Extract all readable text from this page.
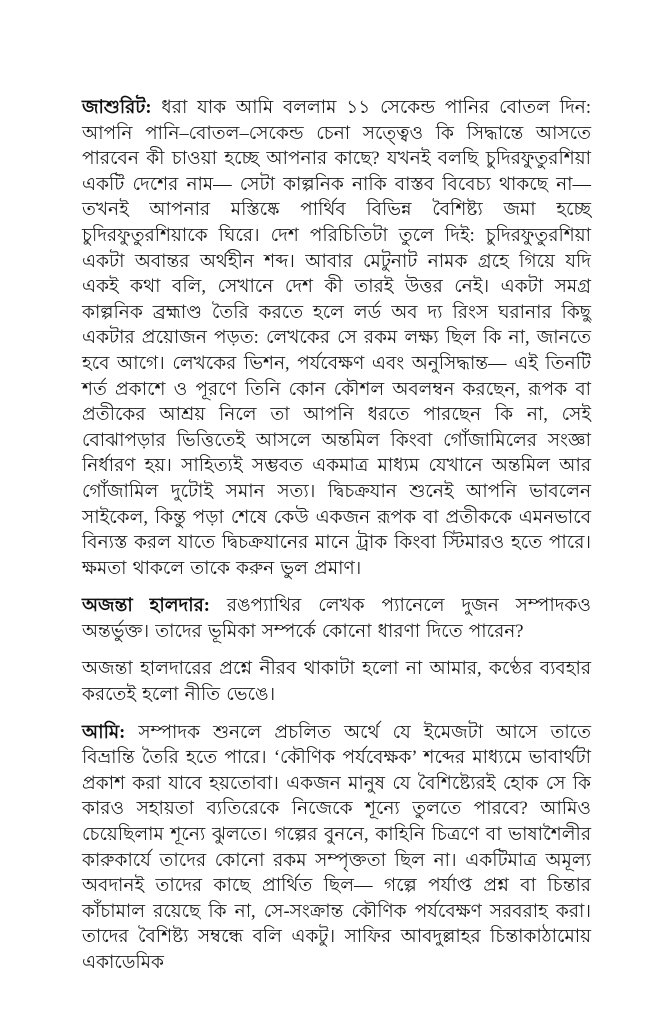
জাশুরিট: ধরা যাক আমি বললাম ১১ সেকেন্ড পানির বোতল দিন: আপনি পানি–বোতল–সেকেন্ড চেনা সত্ত্বেও কি সিদ্ধান্তে আসতে পারবেন কী চাওয়া হচ্ছে আপনার কাছে? যখনই বলছি চুদিরফুতুরশিয়া একটি দেশের নাম— সেটা কাল্পনিক নাকি বাস্তব বিবেচ্য থাকছে না— তখনই আপনার মস্তিষ্কে পার্থিব বিভিন্ন বৈশিষ্ট্য জমা হচ্ছে চুদিরফুতুরশিয়াকে ঘিরে। দেশ পরিচিতিটা তুলে দিই: চুদিরফুতুরশিয়া একটা অবান্তর অর্থহীন শব্দ। আবার মেটুনাট নামক গ্রহে গিয়ে যদি একই কথা বলি, সেখানে দেশ কী তারই উত্তর নেই। একটা সমগ্র কাল্পনিক ব্রহ্মাণ্ড তৈরি করতে হলে লর্ড অব দ্য রিংস ঘরানার কিছু একটার প্রয়োজন পড়ত: লেখকের সে রকম লক্ষ্য ছিল কি না, জানতে হবে আগে। লেখকের ভিশন, পর্যবেক্ষণ এবং অনুসিদ্ধান্ত— এই তিনটি শর্ত প্রকাশে ও পূরণে তিনি কোন কৌশল অবলম্বন করছেন, রূপক বা প্রতীকের আশ্রয় নিলে তা আপনি ধরতে পারছেন কি না, সেই বোঝাপড়ার ভিত্তিতেই আসলে অন্তমিল কিংবা গোঁজামিলের সংজ্ঞা নির্ধারণ হয়। সাহিত্যই সম্ভবত একমাত্র মাধ্যম যেখানে অন্তমিল আর গোঁজামিল দুটোই সমান সত্য। দ্বিচক্রযান শুনেই আপনি ভাবলেন সাইকেল, কিন্তু পড়া শেষে কেউ একজন রূপক বা প্রতীককে এমনভাবে বিন্যস্ত করল যাতে দ্বিচক্রযানের মানে ট্রাক কিংবা স্টিমারও হতে পারে। ক্ষমতা থাকলে তাকে করুন ভুল প্রমাণ।

অজন্তা হালদার: রঙপ্যাথির লেখক প্যানেলে দুজন সম্পাদকও অন্তর্ভুক্ত। তাদের ভূমিকা সম্পর্কে কোনো ধারণা দিতে পারেন?

অজন্তা হালদারের প্রশ্নে নীরব থাকাটা হলো না আমার, কণ্ঠের ব্যবহার করতেই হলো নীতি ভেঙে।

আমি: সম্পাদক শুনলে প্রচলিত অর্থে যে ইমেজটা আসে তাতে বিভ্রান্তি তৈরি হতে পারে। ‘কৌণিক পর্যবেক্ষক’ শব্দের মাধ্যমে ভাবার্থটা প্রকাশ করা যাবে হয়তোবা। একজন মানুষ যে বৈশিষ্ট্যেরই হোক সে কি কারও সহায়তা ব্যতিরেকে নিজেকে শূন্যে তুলতে পারবে? আমিও চেয়েছিলাম শূন্যে ঝুলতে। গল্পের বুননে, কাহিনি চিত্রণে বা ভাষাশৈলীর কারুকার্যে তাদের কোনো রকম সম্পৃক্ততা ছিল না। একটিমাত্র অমূল্য অবদানই তাদের কাছে প্রার্থিত ছিল— গল্পে পর্যাপ্ত প্রশ্ন বা চিন্তার কাঁচামাল রয়েছে কি না, সে-সংক্রান্ত কৌণিক পর্যবেক্ষণ সরবরাহ করা। তাদের বৈশিষ্ট্য সম্বন্ধে বলি একটু। সাফির আবদুল্লাহর চিন্তাকাঠামোয় একাডেমিক
